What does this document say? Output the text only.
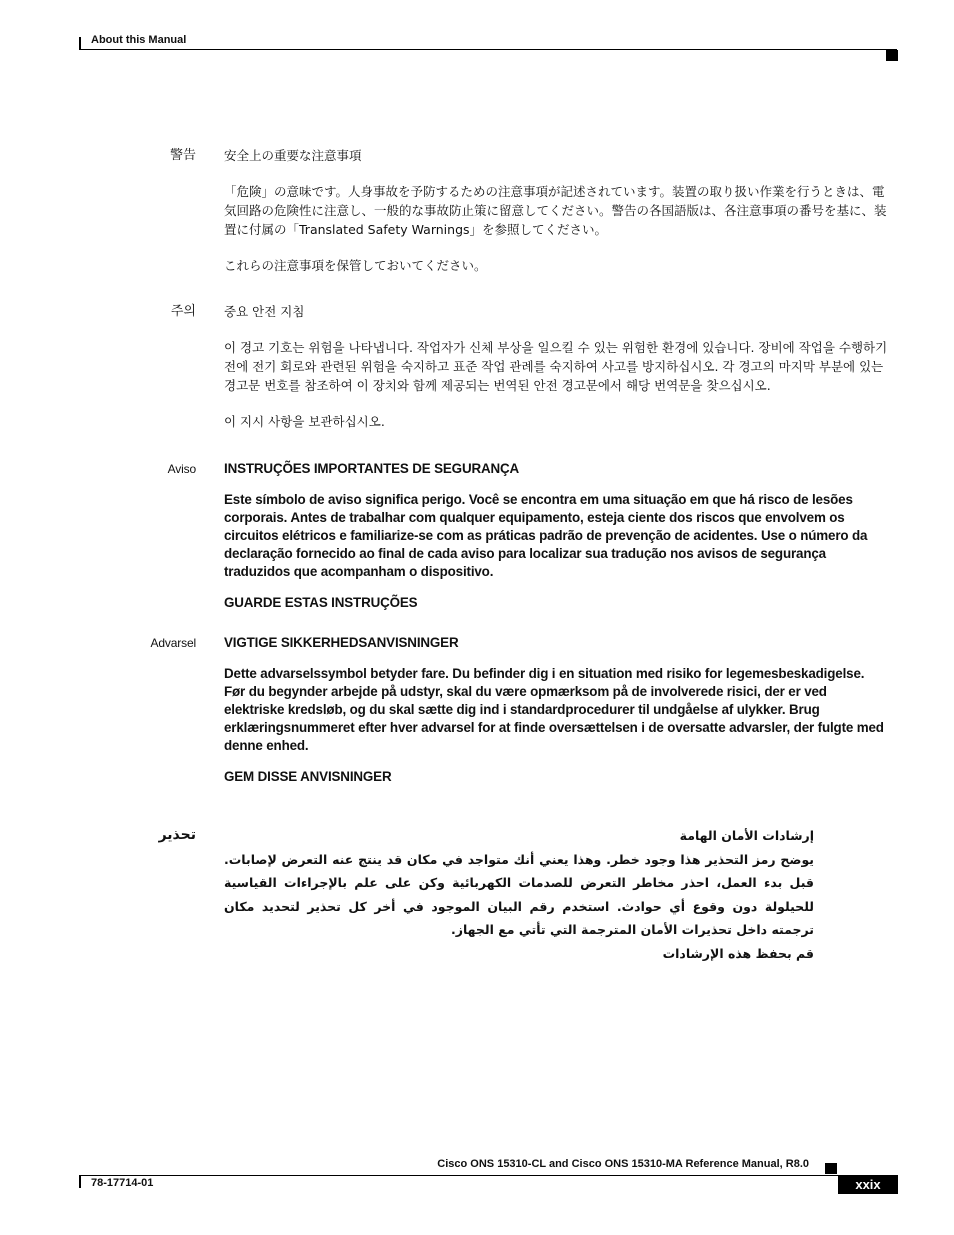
About this Manual
警告 安全上の重要な注意事項

「危険」の意味です。人身事故を予防するための注意事項が記述されています。装置の取り扱い作業を行うときは、電気回路の危険性に注意し、一般的な事故防止策に留意してください。警告の各国語版は、各注意事項の番号を基に、装置に付属の「Translated Safety Warnings」を参照してください。

これらの注意事項を保管しておいてください。

주의 중요 안전 지침

이 경고 기호는 위험을 나타냅니다. 작업자가 신체 부상을 일으킬 수 있는 위험한 환경에 있습니다. 장비에 작업을 수행하기 전에 전기 회로와 관련된 위험을 숙지하고 표준 작업 관례를 숙지하여 사고를 방지하십시오. 각 경고의 마지막 부분에 있는 경고문 번호를 참조하여 이 장치와 함께 제공되는 번역된 안전 경고문에서 해당 번역문을 찾으십시오.

이 지시 사항을 보관하십시오.

Aviso INSTRUÇÕES IMPORTANTES DE SEGURANÇA

Este símbolo de aviso significa perigo. Você se encontra em uma situação em que há risco de lesões corporais. Antes de trabalhar com qualquer equipamento, esteja ciente dos riscos que envolvem os circuitos elétricos e familiarize-se com as práticas padrão de prevenção de acidentes. Use o número da declaração fornecido ao final de cada aviso para localizar sua tradução nos avisos de segurança traduzidos que acompanham o dispositivo.

GUARDE ESTAS INSTRUÇÕES

Advarsel VIGTIGE SIKKERHEDSANVISNINGER

Dette advarselssymbol betyder fare. Du befinder dig i en situation med risiko for legemesbeskadigelse. Før du begynder arbejde på udstyr, skal du være opmærksom på de involverede risici, der er ved elektriske kredsløb, og du skal sætte dig ind i standardprocedurer til undgåelse af ulykker. Brug erklæringsnummeret efter hver advarsel for at finde oversættelsen i de oversatte advarsler, der fulgte med denne enhed.

GEM DISSE ANVISNINGER

تحذير	إرشادات الأمان الهامة

يوضح رمز التحذير هذا وجود خطر. وهذا يعني أنك متواجد في مكان قد ينتج عنه التعرض لإصابات. قبل بدء العمل، احذر مخاطر التعرض للصدمات الكهربائية وكن على علم بالإجراءات القياسية للحيلولة دون وقوع أي حوادث. استخدم رقم البيان الموجود في أخر كل تحذير لتحديد مكان ترجمته داخل تحذيرات الأمان المترجمة التي تأتي مع الجهاز.

قم بحفظ هذه الإرشادات

Cisco ONS 15310-CL and Cisco ONS 15310-MA Reference Manual, R8.0
78-17714-01	xxix
